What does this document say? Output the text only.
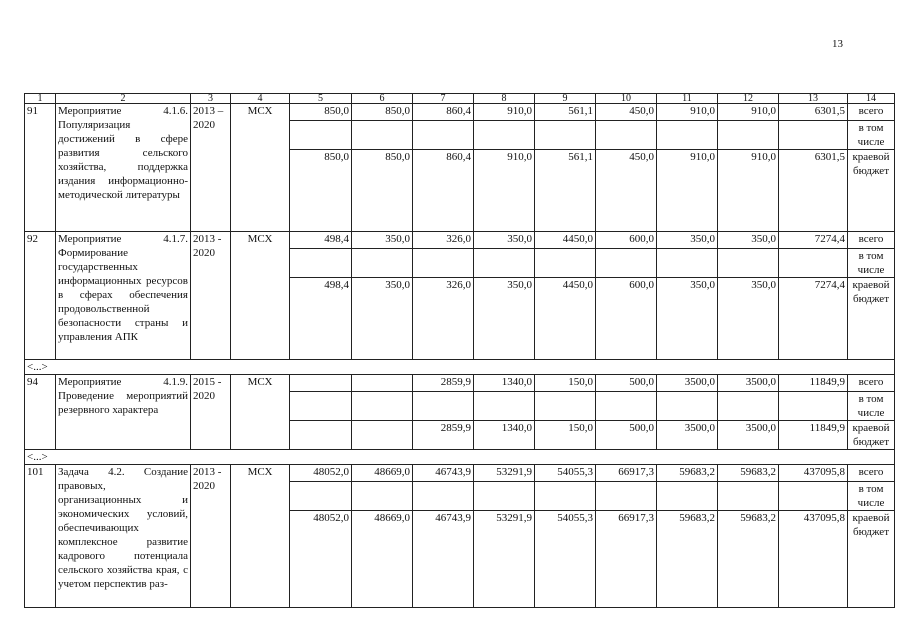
13
1	2	3	4	5	6	7	8	9	10	11	12	13	14
91	Мероприятие 4.1.6. Популяризация достижений в сфере развития сельского хозяйства, поддержка издания информационно-методической литературы	2013 – 2020	МСХ	850,0	850,0	860,4	910,0	561,1	450,0	910,0	910,0	6301,5	всего
													в том числе
				850,0	850,0	860,4	910,0	561,1	450,0	910,0	910,0	6301,5	краевой бюджет
92	Мероприятие 4.1.7. Формирование государственных информационных ресурсов в сферах обеспечения продовольственной безопасности страны и управления АПК	2013 - 2020	МСХ	498,4	350,0	326,0	350,0	4450,0	600,0	350,0	350,0	7274,4	всего
													в том числе
				498,4	350,0	326,0	350,0	4450,0	600,0	350,0	350,0	7274,4	краевой бюджет
<...>													
94	Мероприятие 4.1.9. Проведение мероприятий резервного характера	2015 - 2020	МСХ			2859,9	1340,0	150,0	500,0	3500,0	3500,0	11849,9	всего
													в том числе
						2859,9	1340,0	150,0	500,0	3500,0	3500,0	11849,9	краевой бюджет
<...>													
101	Задача 4.2. Создание правовых, организационных и экономических условий, обеспечивающих комплексное развитие кадрового потенциала сельского хозяйства края, с учетом перспектив раз-	2013 - 2020	МСХ	48052,0	48669,0	46743,9	53291,9	54055,3	66917,3	59683,2	59683,2	437095,8	всего
													в том числе
				48052,0	48669,0	46743,9	53291,9	54055,3	66917,3	59683,2	59683,2	437095,8	краевой бюджет
